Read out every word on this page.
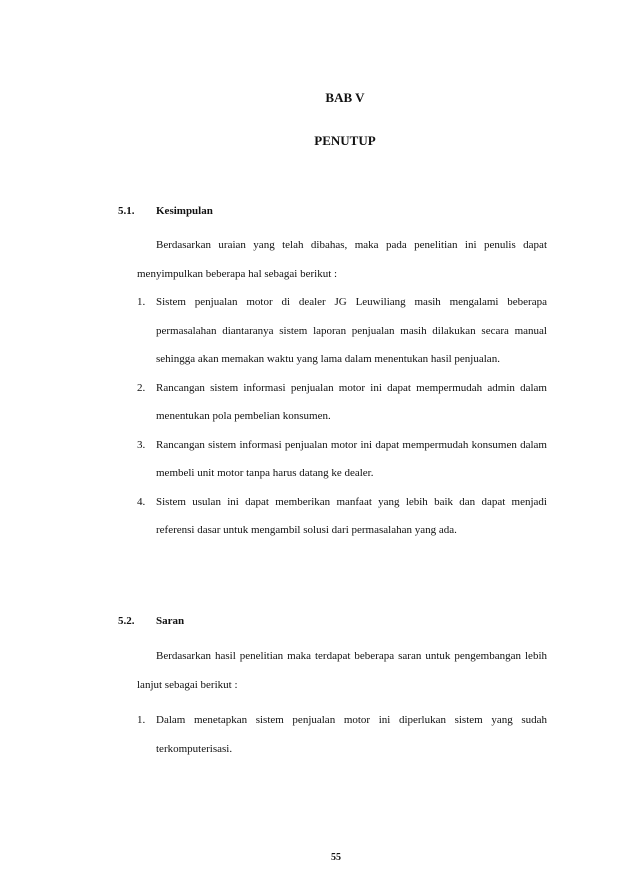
BAB V
PENUTUP
5.1. Kesimpulan
Berdasarkan uraian yang telah dibahas, maka pada penelitian ini penulis dapat menyimpulkan beberapa hal sebagai berikut :
1. Sistem penjualan motor di dealer JG Leuwiliang masih mengalami beberapa permasalahan diantaranya sistem laporan penjualan masih dilakukan secara manual sehingga akan memakan waktu yang lama dalam menentukan hasil penjualan.
2. Rancangan sistem informasi penjualan motor ini dapat mempermudah admin dalam menentukan pola pembelian konsumen.
3. Rancangan sistem informasi penjualan motor ini dapat mempermudah konsumen dalam membeli unit motor tanpa harus datang ke dealer.
4. Sistem usulan ini dapat memberikan manfaat yang lebih baik dan dapat menjadi referensi dasar untuk mengambil solusi dari permasalahan yang ada.
5.2. Saran
Berdasarkan hasil penelitian maka terdapat beberapa saran untuk pengembangan lebih lanjut sebagai berikut :
1. Dalam menetapkan sistem penjualan motor ini diperlukan sistem yang sudah terkomputerisasi.
55
